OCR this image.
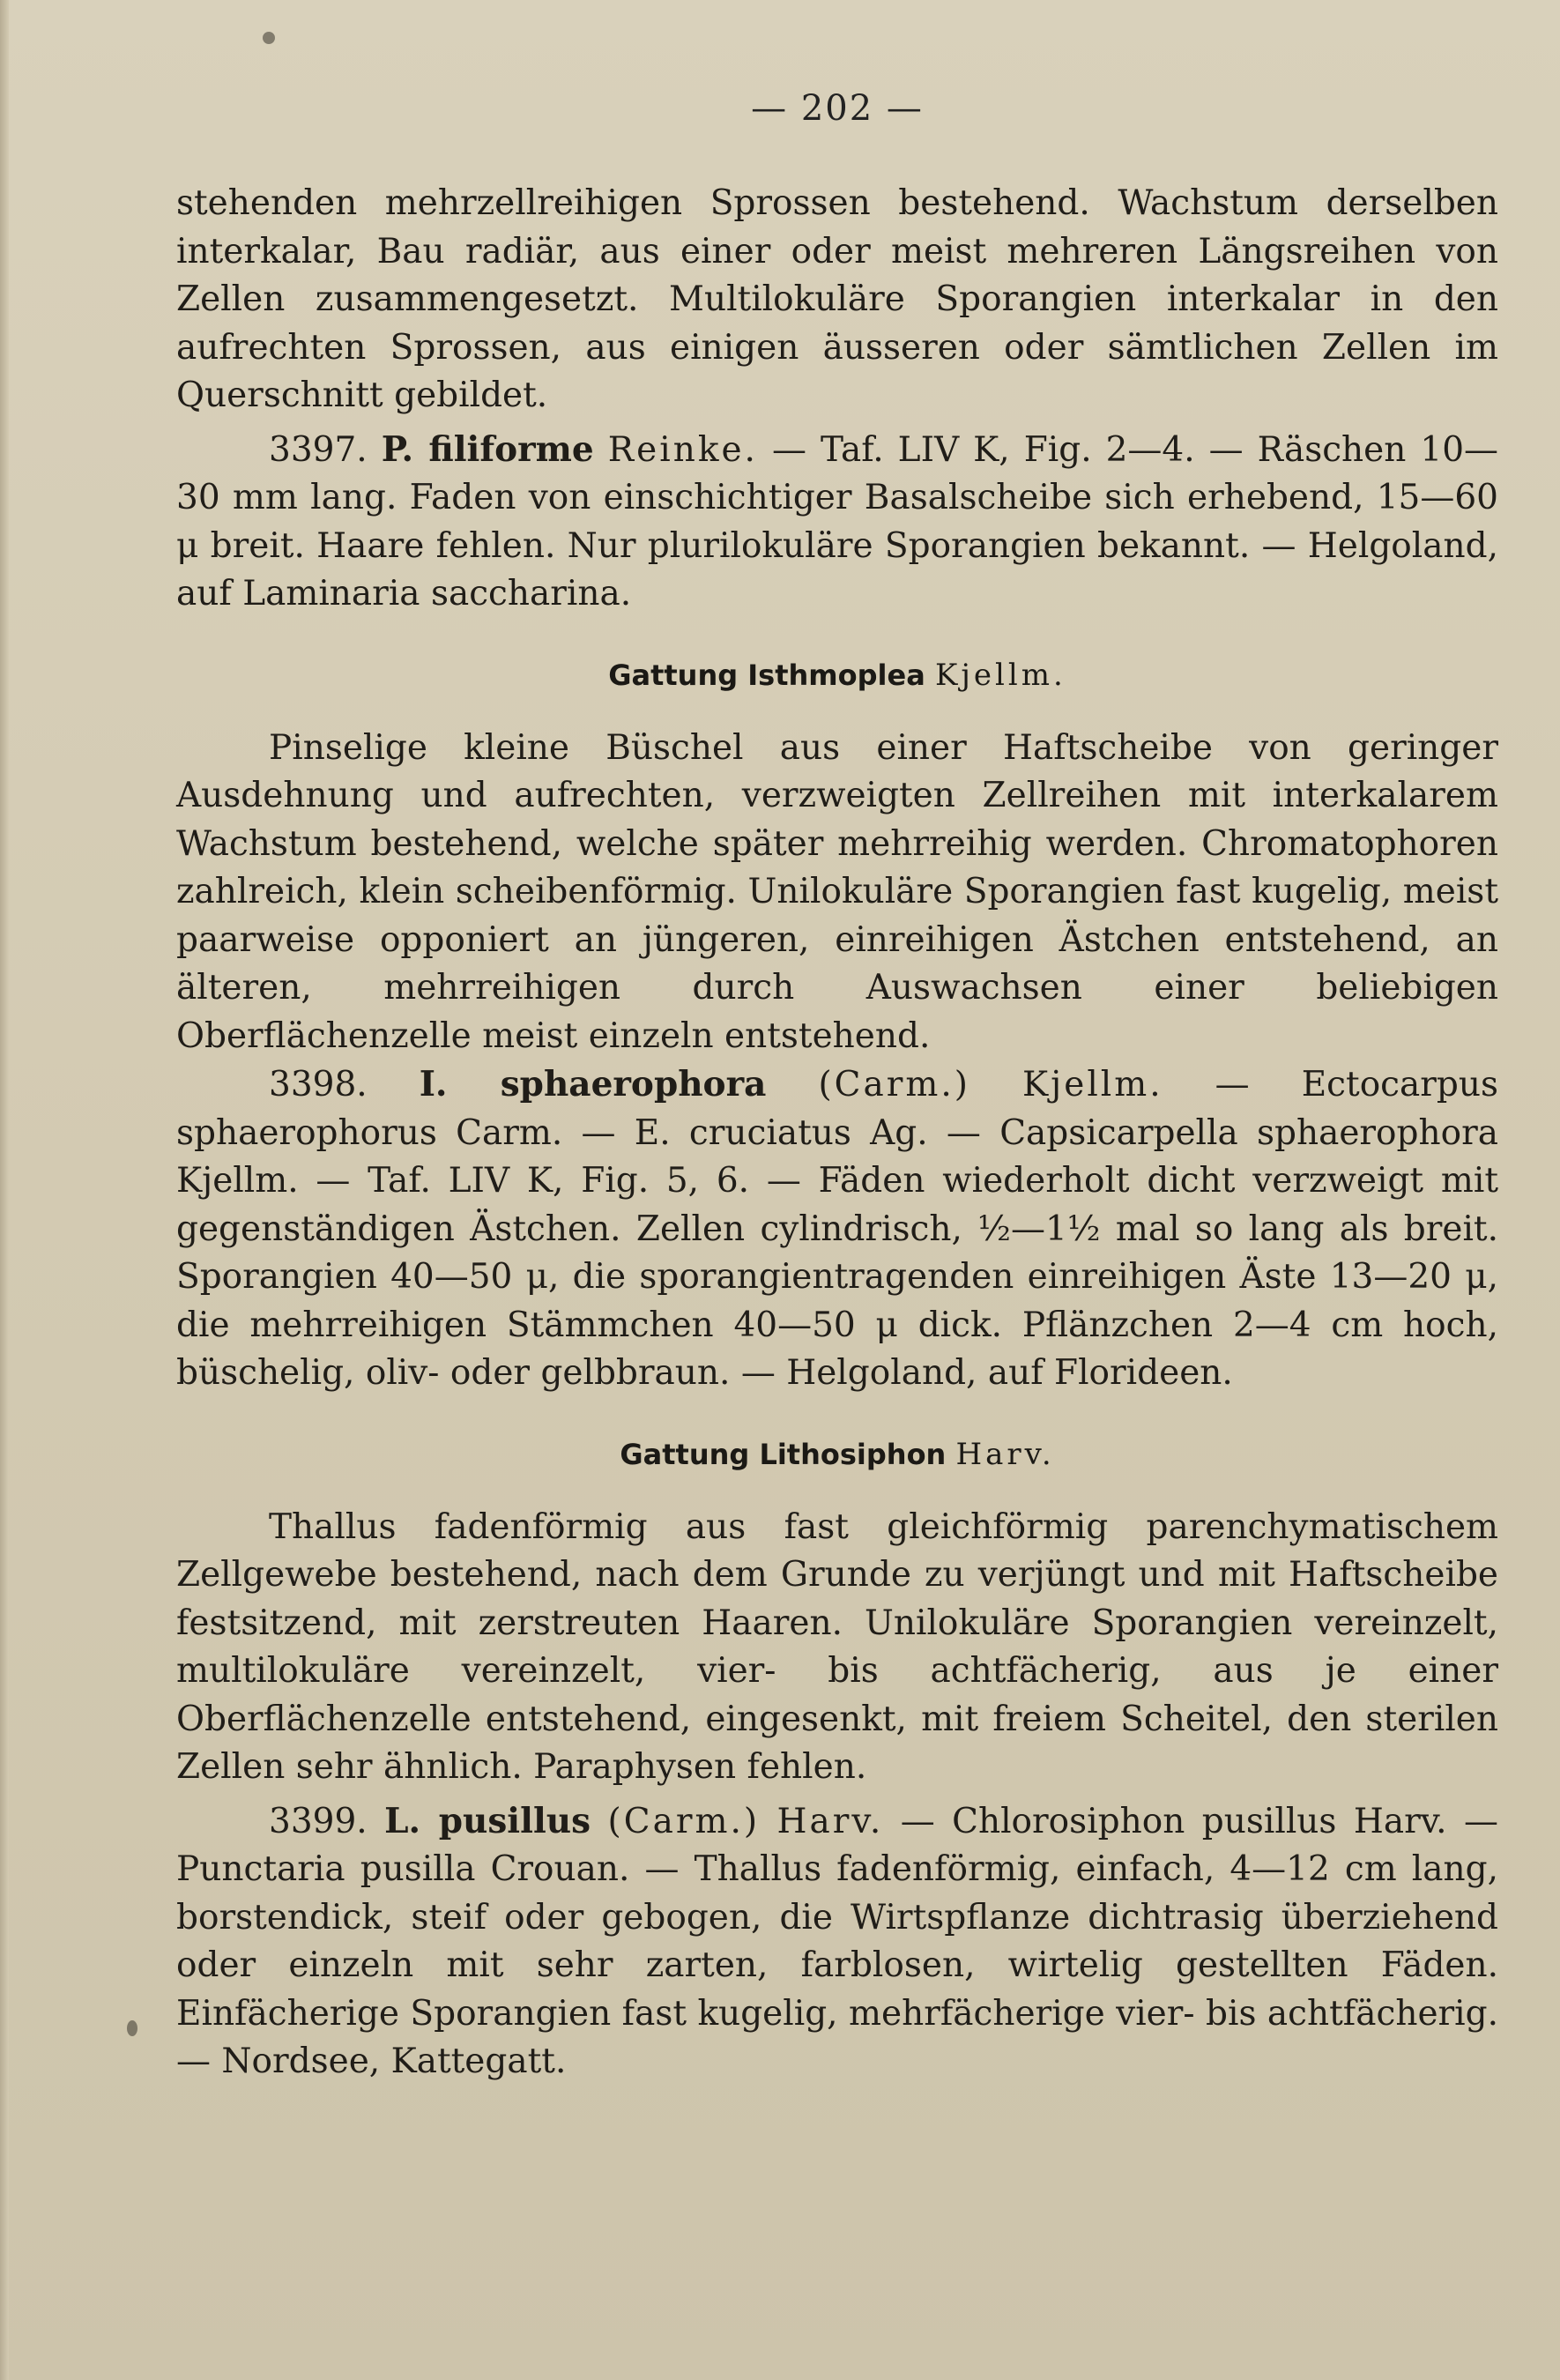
— 202 —

stehenden mehrzellreihigen Sprossen bestehend. Wachstum derselben interkalar, Bau radiär, aus einer oder meist mehreren Längsreihen von Zellen zusammengesetzt. Multilokuläre Sporangien interkalar in den aufrechten Sprossen, aus einigen äusseren oder sämtlichen Zellen im Querschnitt gebildet.

3397. P. filiforme Reinke. — Taf. LIV K, Fig. 2—4. — Räschen 10—30 mm lang. Faden von einschichtiger Basalscheibe sich erhebend, 15—60 μ breit. Haare fehlen. Nur plurilokuläre Sporangien bekannt. — Helgoland, auf Laminaria saccharina.

Gattung Isthmoplea Kjellm.

Pinselige kleine Büschel aus einer Haftscheibe von geringer Ausdehnung und aufrechten, verzweigten Zellreihen mit interkalarem Wachstum bestehend, welche später mehrreihig werden. Chromatophoren zahlreich, klein scheibenförmig. Unilokuläre Sporangien fast kugelig, meist paarweise opponiert an jüngeren, einreihigen Ästchen entstehend, an älteren, mehrreihigen durch Auswachsen einer beliebigen Oberflächenzelle meist einzeln entstehend.

3398. I. sphaerophora (Carm.) Kjellm. — Ectocarpus sphaerophorus Carm. — E. cruciatus Ag. — Capsicarpella sphaerophora Kjellm. — Taf. LIV K, Fig. 5, 6. — Fäden wiederholt dicht verzweigt mit gegenständigen Ästchen. Zellen cylindrisch, ½—1½ mal so lang als breit. Sporangien 40—50 μ, die sporangientragenden einreihigen Äste 13—20 μ, die mehrreihigen Stämmchen 40—50 μ dick. Pflänzchen 2—4 cm hoch, büschelig, oliv- oder gelbbraun. — Helgoland, auf Florideen.

Gattung Lithosiphon Harv.

Thallus fadenförmig aus fast gleichförmig parenchymatischem Zellgewebe bestehend, nach dem Grunde zu verjüngt und mit Haftscheibe festsitzend, mit zerstreuten Haaren. Unilokuläre Sporangien vereinzelt, multilokuläre vereinzelt, vier- bis achtfächerig, aus je einer Oberflächenzelle entstehend, eingesenkt, mit freiem Scheitel, den sterilen Zellen sehr ähnlich. Paraphysen fehlen.

3399. L. pusillus (Carm.) Harv. — Chlorosiphon pusillus Harv. — Punctaria pusilla Crouan. — Thallus fadenförmig, einfach, 4—12 cm lang, borstendick, steif oder gebogen, die Wirtspflanze dichtrasig überziehend oder einzeln mit sehr zarten, farblosen, wirtelig gestellten Fäden. Einfächerige Sporangien fast kugelig, mehrfächerige vier- bis achtfächerig. — Nordsee, Kattegatt.
